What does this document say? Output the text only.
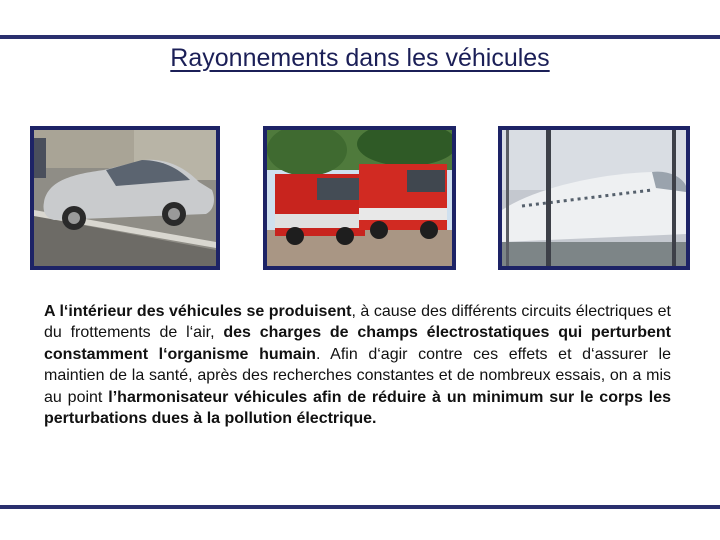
Rayonnements dans les véhicules
A l‘intérieur des véhicules se produisent, à cause des différents circuits électriques et du frottements de l‘air, des charges de champs électrostatiques qui perturbent constamment l‘organisme humain. Afin d‘agir contre ces effets et d‘assurer le maintien de la santé, après des recherches constantes et de nombreux essais, on a mis au point l’harmonisateur véhicules afin de réduire à un minimum sur le corps les perturbations dues à la pollution électrique.
